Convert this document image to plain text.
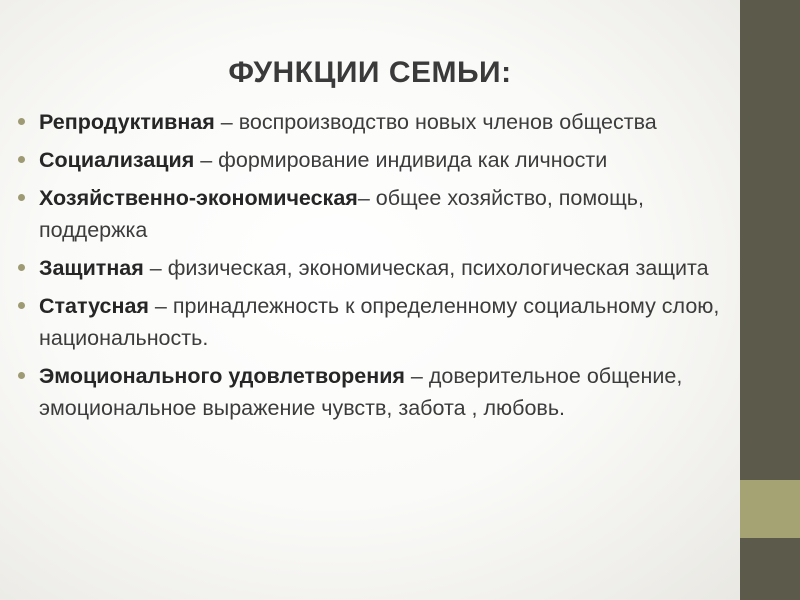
ФУНКЦИИ СЕМЬИ:
Репродуктивная – воспроизводство новых членов общества
Социализация – формирование индивида как личности
Хозяйственно-экономическая– общее хозяйство, помощь, поддержка
Защитная – физическая, экономическая, психологическая защита
Статусная – принадлежность к определенному социальному слою, национальность.
Эмоционального удовлетворения – доверительное общение, эмоциональное выражение чувств, забота , любовь.
